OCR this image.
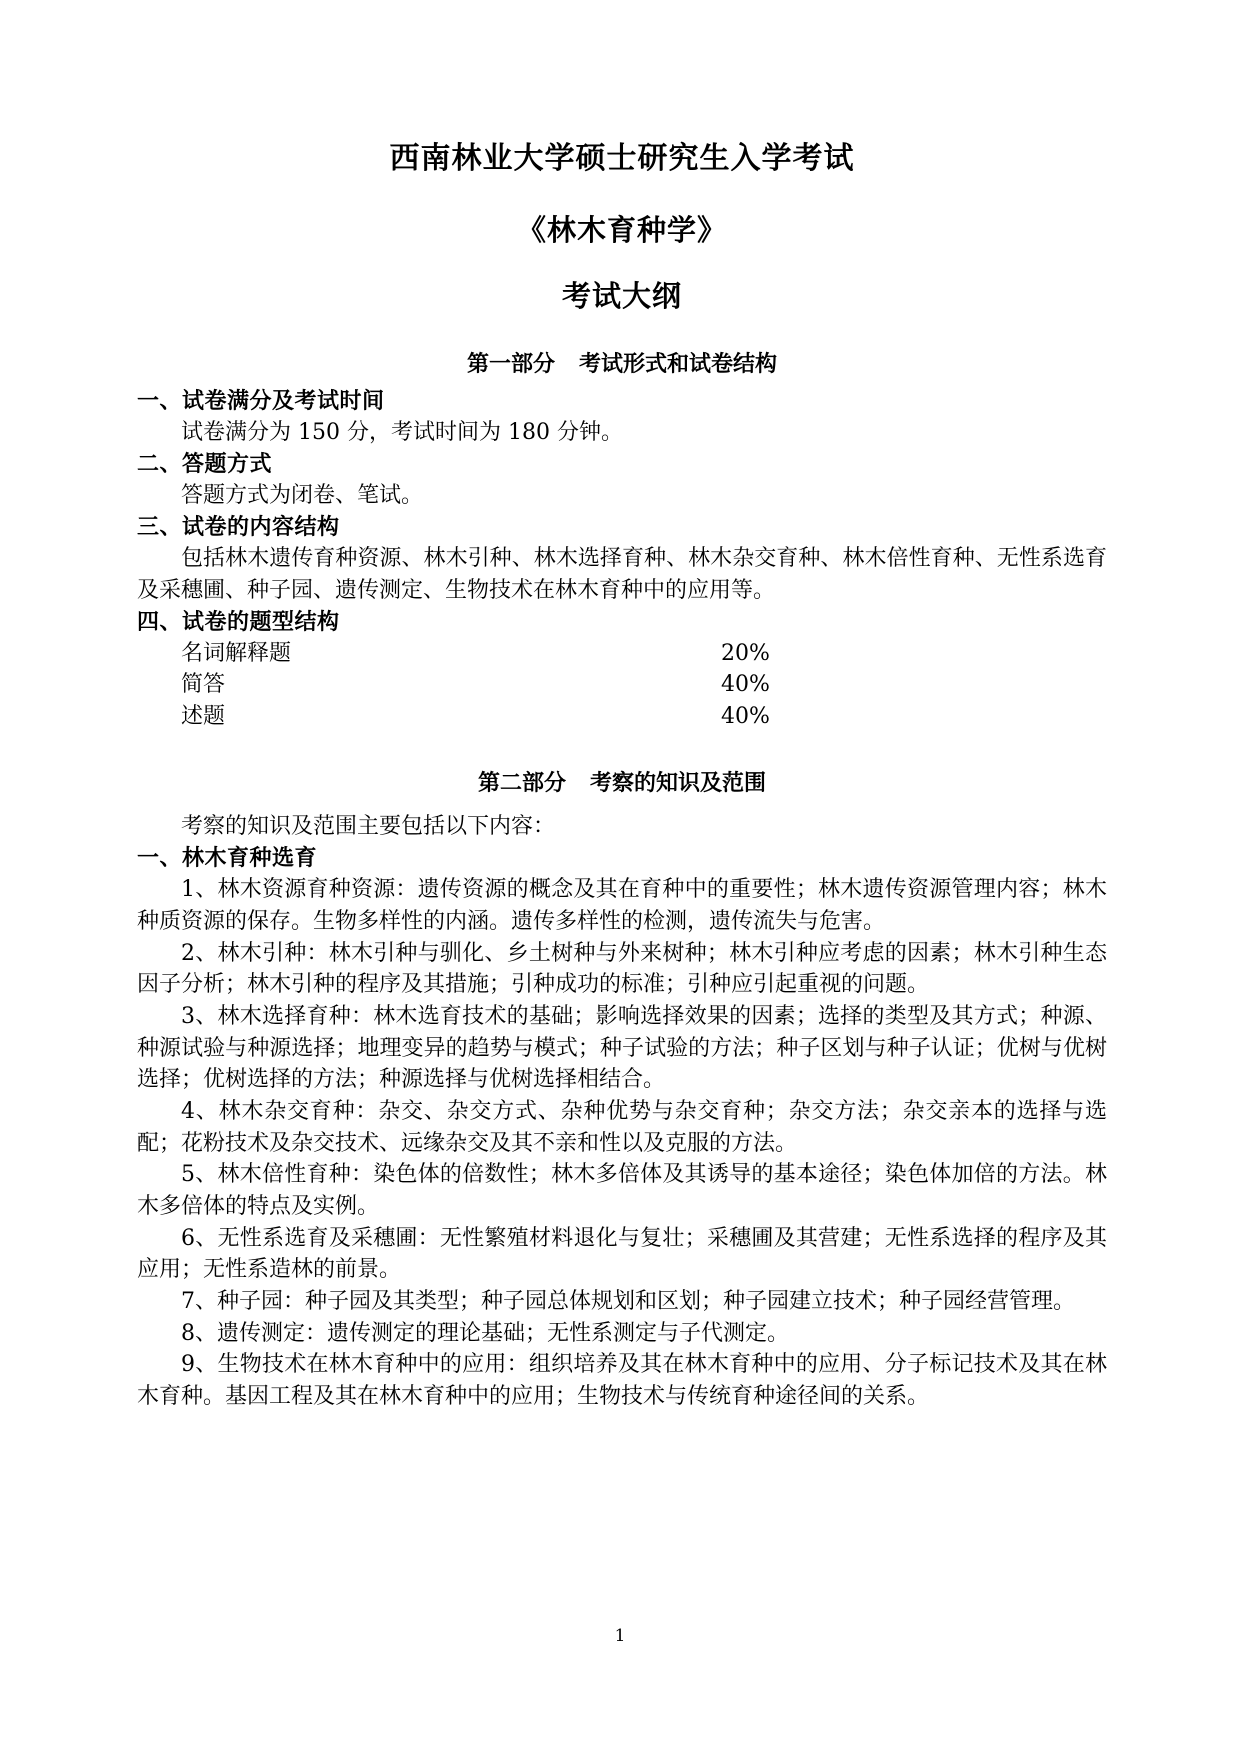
西南林业大学硕士研究生入学考试
《林木育种学》
考试大纲
第一部分 考试形式和试卷结构
一、试卷满分及考试时间
试卷满分为 150 分，考试时间为 180 分钟。
二、答题方式
答题方式为闭卷、笔试。
三、试卷的内容结构
包括林木遗传育种资源、林木引种、林木选择育种、林木杂交育种、林木倍性育种、无性系选育及采穗圃、种子园、遗传测定、生物技术在林木育种中的应用等。
四、试卷的题型结构
名词解释题	20%
简答	40%
述题	40%
第二部分 考察的知识及范围
考察的知识及范围主要包括以下内容：
一、林木育种选育
1、林木资源育种资源：遗传资源的概念及其在育种中的重要性；林木遗传资源管理内容；林木种质资源的保存。生物多样性的内涵。遗传多样性的检测，遗传流失与危害。
2、林木引种：林木引种与驯化、乡土树种与外来树种；林木引种应考虑的因素；林木引种生态因子分析；林木引种的程序及其措施；引种成功的标准；引种应引起重视的问题。
3、林木选择育种：林木选育技术的基础；影响选择效果的因素；选择的类型及其方式；种源、种源试验与种源选择；地理变异的趋势与模式；种子试验的方法；种子区划与种子认证；优树与优树选择；优树选择的方法；种源选择与优树选择相结合。
4、林木杂交育种：杂交、杂交方式、杂种优势与杂交育种；杂交方法；杂交亲本的选择与选配；花粉技术及杂交技术、远缘杂交及其不亲和性以及克服的方法。
5、林木倍性育种：染色体的倍数性；林木多倍体及其诱导的基本途径；染色体加倍的方法。林木多倍体的特点及实例。
6、无性系选育及采穗圃：无性繁殖材料退化与复壮；采穗圃及其营建；无性系选择的程序及其应用；无性系造林的前景。
7、种子园：种子园及其类型；种子园总体规划和区划；种子园建立技术；种子园经营管理。
8、遗传测定：遗传测定的理论基础；无性系测定与子代测定。
9、生物技术在林木育种中的应用：组织培养及其在林木育种中的应用、分子标记技术及其在林木育种。基因工程及其在林木育种中的应用；生物技术与传统育种途径间的关系。
1
